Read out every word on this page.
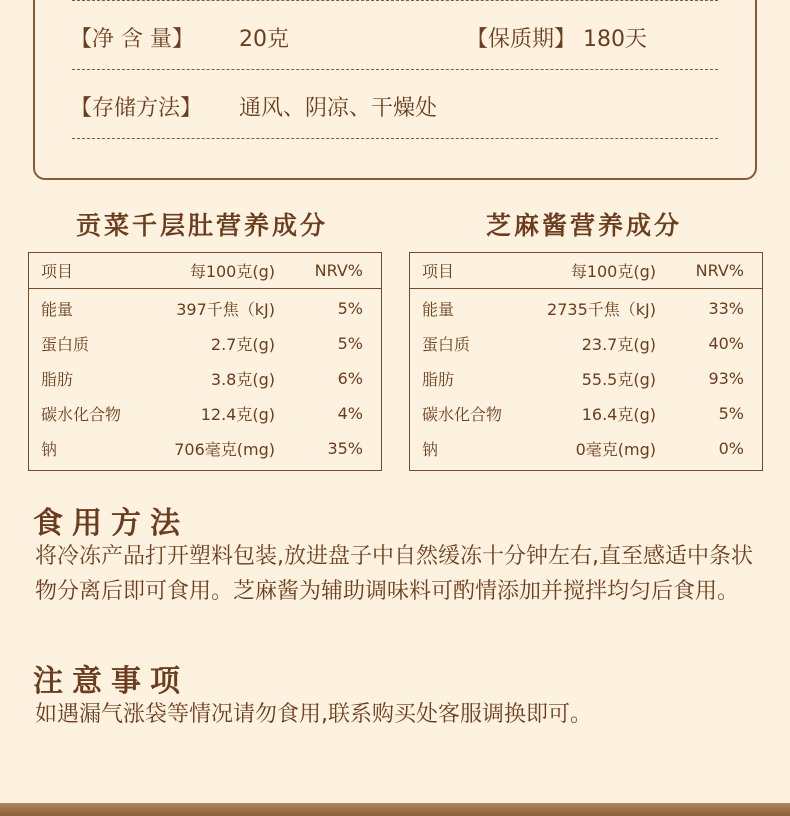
【净 含 量】 20克	【保质期】 180天
【存储方法】 通风、阴凉、干燥处
贡菜千层肚营养成分
项目	每100克(g)	NRV%
能量	397千焦（kJ)	5%
蛋白质	2.7克(g)	5%
脂肪	3.8克(g)	6%
碳水化合物	12.4克(g)	4%
钠	706毫克(mg)	35%
芝麻酱营养成分
项目	每100克(g)	NRV%
能量	2735千焦（kJ)	33%
蛋白质	23.7克(g)	40%
脂肪	55.5克(g)	93%
碳水化合物	16.4克(g)	5%
钠	0毫克(mg)	0%
食用方法
将冷冻产品打开塑料包装,放进盘子中自然缓冻十分钟左右,直至感适中条状物分离后即可食用。芝麻酱为辅助调味料可酌情添加并搅拌均匀后食用。
注意事项
如遇漏气涨袋等情况请勿食用,联系购买处客服调换即可。
